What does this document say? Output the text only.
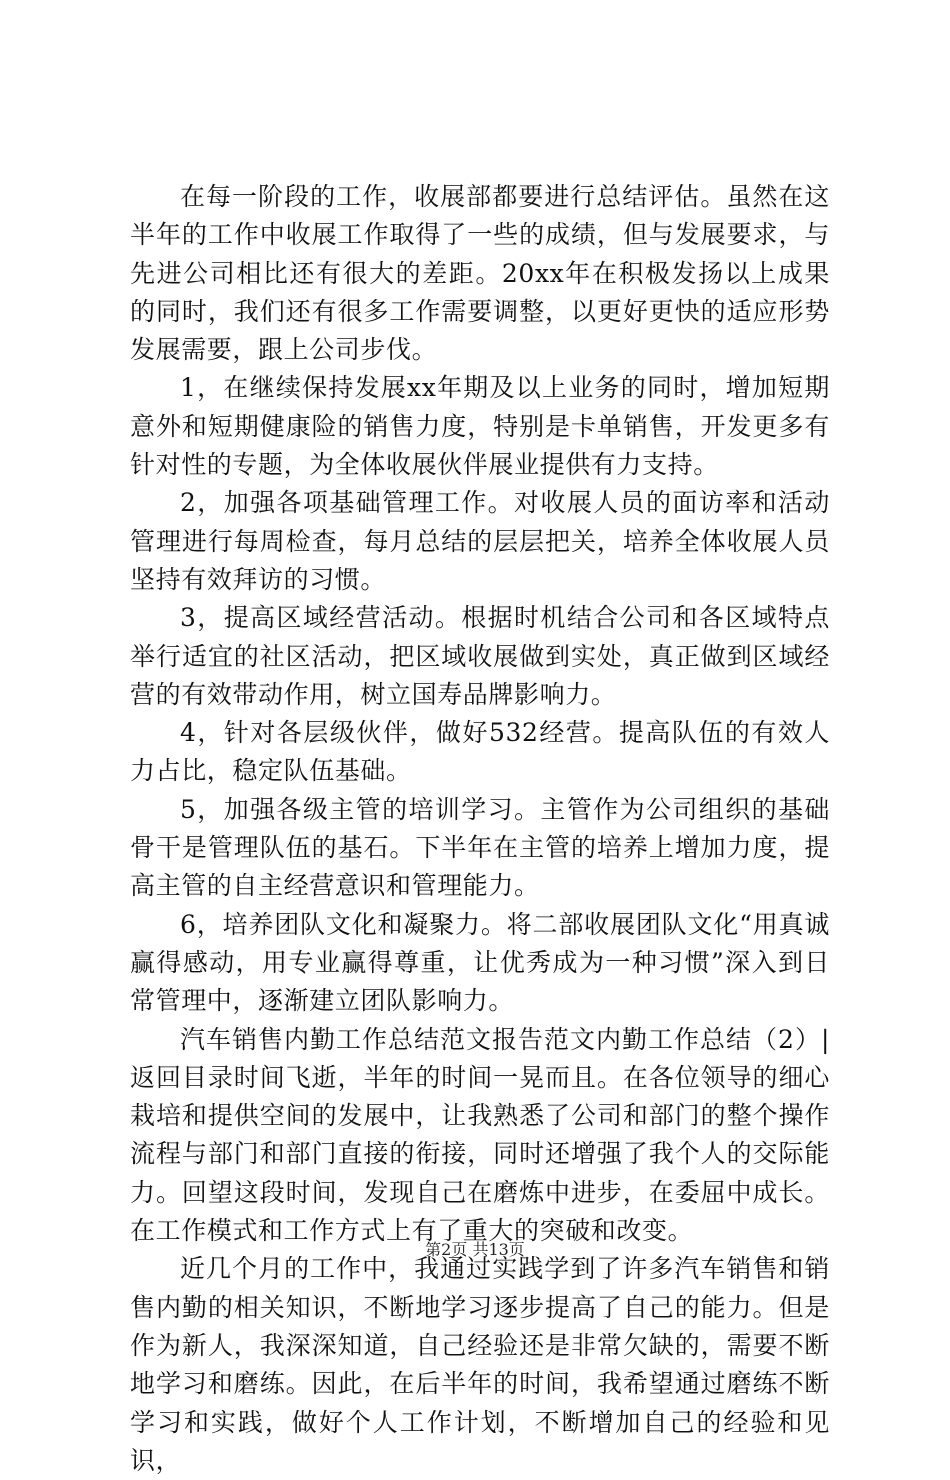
在每一阶段的工作，收展部都要进行总结评估。虽然在这半年的工作中收展工作取得了一些的成绩，但与发展要求，与先进公司相比还有很大的差距。20xx年在积极发扬以上成果的同时，我们还有很多工作需要调整，以更好更快的适应形势发展需要，跟上公司步伐。

1，在继续保持发展xx年期及以上业务的同时，增加短期意外和短期健康险的销售力度，特别是卡单销售，开发更多有针对性的专题，为全体收展伙伴展业提供有力支持。

2，加强各项基础管理工作。对收展人员的面访率和活动管理进行每周检查，每月总结的层层把关，培养全体收展人员坚持有效拜访的习惯。

3，提高区域经营活动。根据时机结合公司和各区域特点举行适宜的社区活动，把区域收展做到实处，真正做到区域经营的有效带动作用，树立国寿品牌影响力。

4，针对各层级伙伴，做好532经营。提高队伍的有效人力占比，稳定队伍基础。

5，加强各级主管的培训学习。主管作为公司组织的基础骨干是管理队伍的基石。下半年在主管的培养上增加力度，提高主管的自主经营意识和管理能力。

6，培养团队文化和凝聚力。将二部收展团队文化“用真诚赢得感动，用专业赢得尊重，让优秀成为一种习惯”深入到日常管理中，逐渐建立团队影响力。

汽车销售内勤工作总结范文报告范文内勤工作总结（2）|返回目录时间飞逝，半年的时间一晃而且。在各位领导的细心栽培和提供空间的发展中，让我熟悉了公司和部门的整个操作流程与部门和部门直接的衔接，同时还增强了我个人的交际能力。回望这段时间，发现自己在磨炼中进步，在委屈中成长。在工作模式和工作方式上有了重大的突破和改变。

近几个月的工作中，我通过实践学到了许多汽车销售和销售内勤的相关知识，不断地学习逐步提高了自己的能力。但是作为新人，我深深知道，自己经验还是非常欠缺的，需要不断地学习和磨练。因此，在后半年的时间，我希望通过磨练不断学习和实践，做好个人工作计划，不断增加自己的经验和见识，

第2页 共13页
